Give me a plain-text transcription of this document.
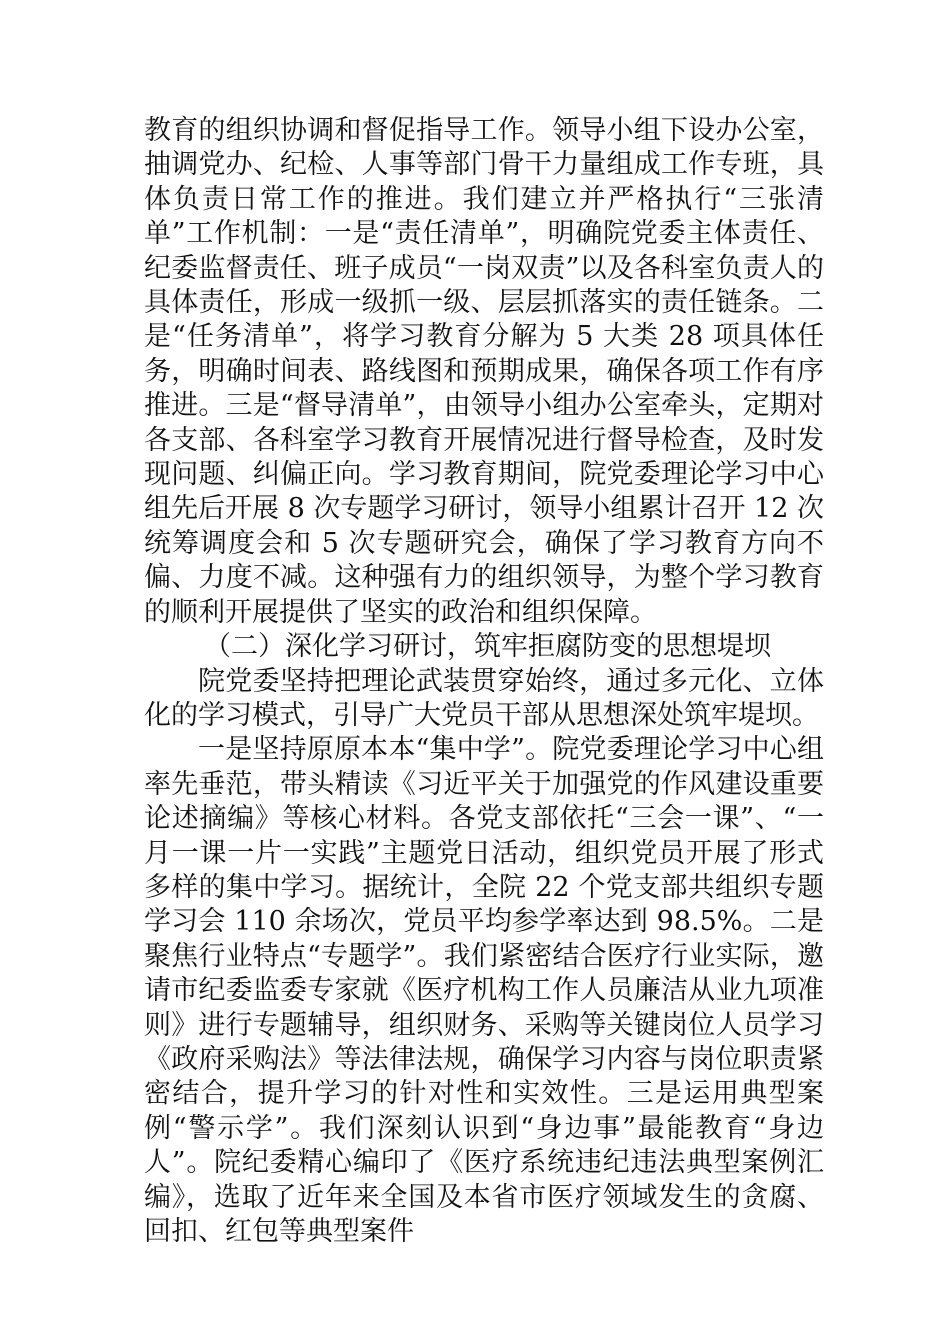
教育的组织协调和督促指导工作。领导小组下设办公室，抽调党办、纪检、人事等部门骨干力量组成工作专班，具体负责日常工作的推进。我们建立并严格执行“三张清单”工作机制：一是“责任清单”，明确院党委主体责任、纪委监督责任、班子成员“一岗双责”以及各科室负责人的具体责任，形成一级抓一级、层层抓落实的责任链条。二是“任务清单”，将学习教育分解为 5 大类 28 项具体任务，明确时间表、路线图和预期成果，确保各项工作有序推进。三是“督导清单”，由领导小组办公室牵头，定期对各支部、各科室学习教育开展情况进行督导检查，及时发现问题、纠偏正向。学习教育期间，院党委理论学习中心组先后开展 8 次专题学习研讨，领导小组累计召开 12 次统筹调度会和 5 次专题研究会，确保了学习教育方向不偏、力度不减。这种强有力的组织领导，为整个学习教育的顺利开展提供了坚实的政治和组织保障。

（二）深化学习研讨，筑牢拒腐防变的思想堤坝

院党委坚持把理论武装贯穿始终，通过多元化、立体化的学习模式，引导广大党员干部从思想深处筑牢堤坝。

一是坚持原原本本“集中学”。院党委理论学习中心组率先垂范，带头精读《习近平关于加强党的作风建设重要论述摘编》等核心材料。各党支部依托“三会一课”、“一月一课一片一实践”主题党日活动，组织党员开展了形式多样的集中学习。据统计，全院 22 个党支部共组织专题学习会 110 余场次，党员平均参学率达到 98.5%。二是聚焦行业特点“专题学”。我们紧密结合医疗行业实际，邀请市纪委监委专家就《医疗机构工作人员廉洁从业九项准则》进行专题辅导，组织财务、采购等关键岗位人员学习《政府采购法》等法律法规，确保学习内容与岗位职责紧密结合，提升学习的针对性和实效性。三是运用典型案例“警示学”。我们深刻认识到“身边事”最能教育“身边人”。院纪委精心编印了《医疗系统违纪违法典型案例汇编》，选取了近年来全国及本省市医疗领域发生的贪腐、回扣、红包等典型案件
